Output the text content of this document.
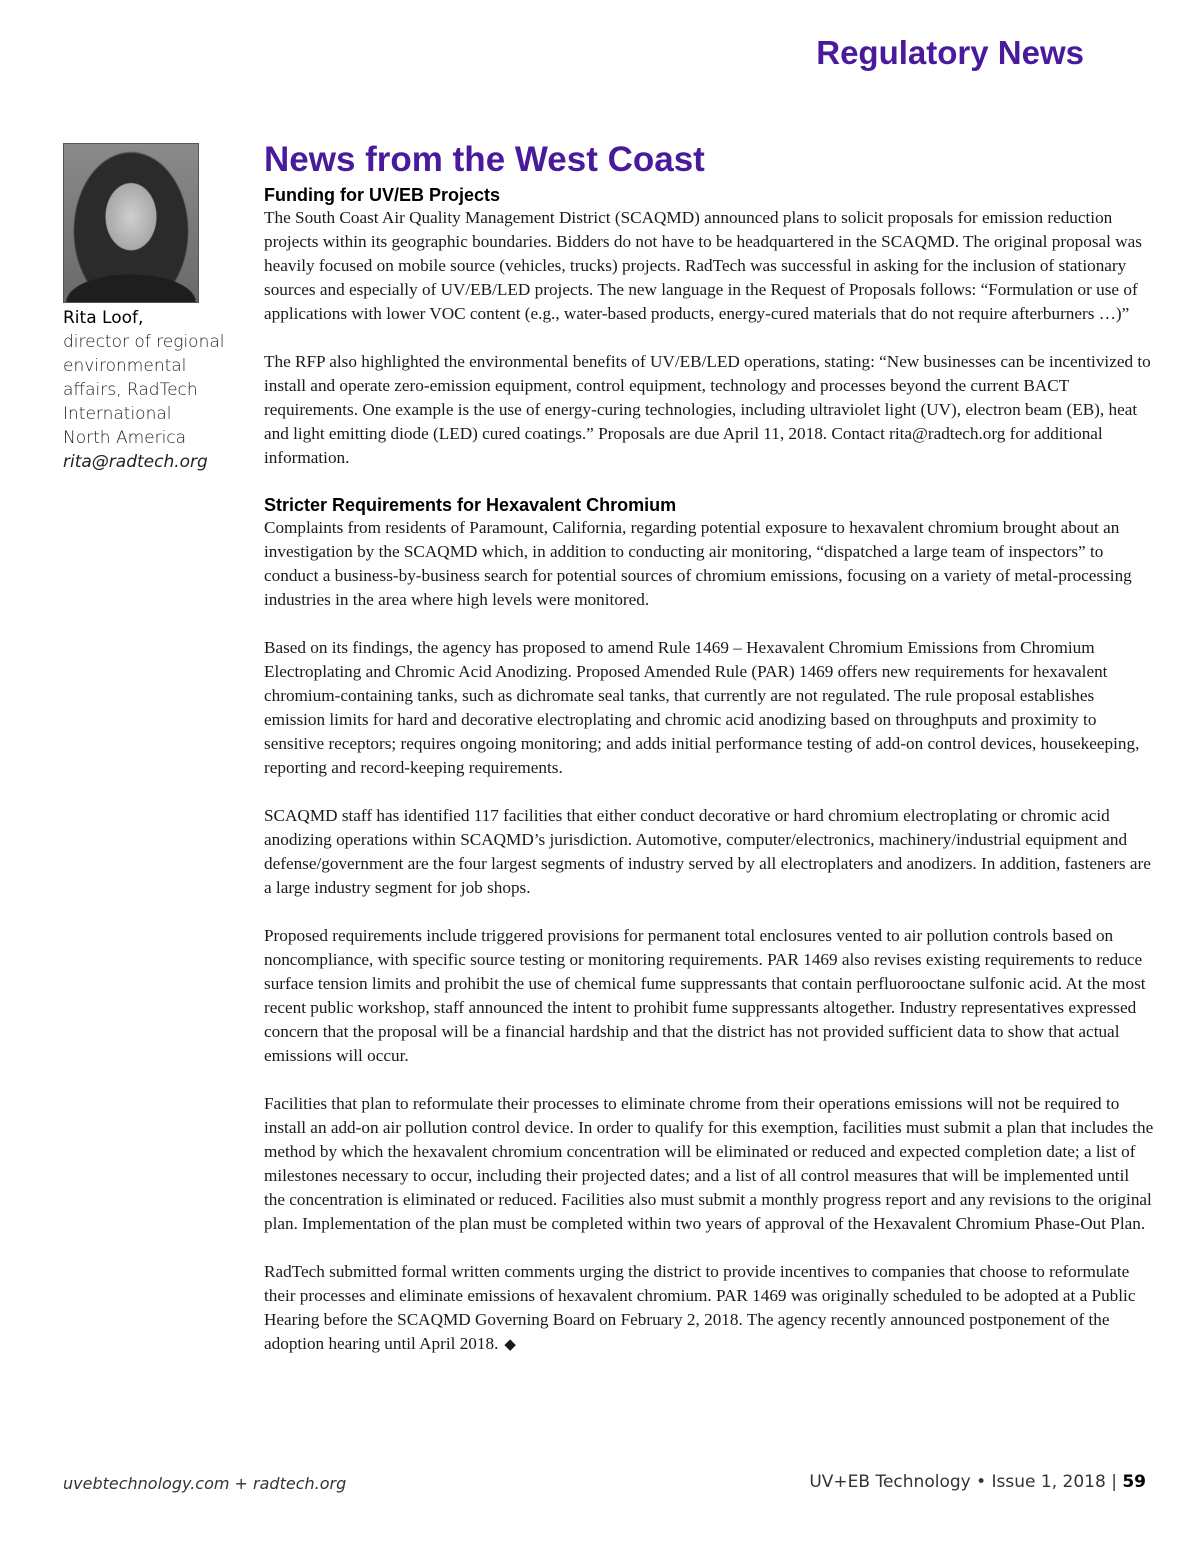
Regulatory News

Rita Loof,

director of regional

environmental

affairs, RadTech

International

North America

rita@radtech.org

News from the West Coast
Funding for UV/EB Projects

The South Coast Air Quality Management District (SCAQMD) announced plans to solicit proposals for emission reduction projects within its geographic boundaries. Bidders do not have to be headquartered in the SCAQMD. The original proposal was heavily focused on mobile source (vehicles, trucks) projects. RadTech was successful in asking for the inclusion of stationary sources and especially of UV/EB/LED projects. The new language in the Request of Proposals follows: “Formulation or use of applications with lower VOC content (e.g., water-based products, energy-cured materials that do not require afterburners …)”

The RFP also highlighted the environmental benefits of UV/EB/LED operations, stating: “New businesses can be incentivized to install and operate zero-emission equipment, control equipment, technology and processes beyond the current BACT requirements. One example is the use of energy-curing technologies, including ultraviolet light (UV), electron beam (EB), heat and light emitting diode (LED) cured coatings.” Proposals are due April 11, 2018. Contact rita@radtech.org for additional information.

Stricter Requirements for Hexavalent Chromium

Complaints from residents of Paramount, California, regarding potential exposure to hexavalent chromium brought about an investigation by the SCAQMD which, in addition to conducting air monitoring, “dispatched a large team of inspectors” to conduct a business-by-business search for potential sources of chromium emissions, focusing on a variety of metal-processing industries in the area where high levels were monitored.

Based on its findings, the agency has proposed to amend Rule 1469 – Hexavalent Chromium Emissions from Chromium Electroplating and Chromic Acid Anodizing. Proposed Amended Rule (PAR) 1469 offers new requirements for hexavalent chromium-containing tanks, such as dichromate seal tanks, that currently are not regulated. The rule proposal establishes emission limits for hard and decorative electroplating and chromic acid anodizing based on throughputs and proximity to sensitive receptors; requires ongoing monitoring; and adds initial performance testing of add-on control devices, housekeeping, reporting and record-keeping requirements.

SCAQMD staff has identified 117 facilities that either conduct decorative or hard chromium electroplating or chromic acid anodizing operations within SCAQMD’s jurisdiction. Automotive, computer/electronics, machinery/industrial equipment and defense/government are the four largest segments of industry served by all electroplaters and anodizers. In addition, fasteners are a large industry segment for job shops.

Proposed requirements include triggered provisions for permanent total enclosures vented to air pollution controls based on noncompliance, with specific source testing or monitoring requirements. PAR 1469 also revises existing requirements to reduce surface tension limits and prohibit the use of chemical fume suppressants that contain perfluorooctane sulfonic acid. At the most recent public workshop, staff announced the intent to prohibit fume suppressants altogether. Industry representatives expressed concern that the proposal will be a financial hardship and that the district has not provided sufficient data to show that actual emissions will occur.

Facilities that plan to reformulate their processes to eliminate chrome from their operations emissions will not be required to install an add-on air pollution control device. In order to qualify for this exemption, facilities must submit a plan that includes the method by which the hexavalent chromium concentration will be eliminated or reduced and expected completion date; a list of milestones necessary to occur, including their projected dates; and a list of all control measures that will be implemented until the concentration is eliminated or reduced. Facilities also must submit a monthly progress report and any revisions to the original plan. Implementation of the plan must be completed within two years of approval of the Hexavalent Chromium Phase-Out Plan.

RadTech submitted formal written comments urging the district to provide incentives to companies that choose to reformulate their processes and eliminate emissions of hexavalent chromium. PAR 1469 was originally scheduled to be adopted at a Public Hearing before the SCAQMD Governing Board on February 2, 2018. The agency recently announced postponement of the adoption hearing until April 2018. ◆

uvebtechnology.com + radtech.org	UV+EB Technology • Issue 1, 2018 | 59
